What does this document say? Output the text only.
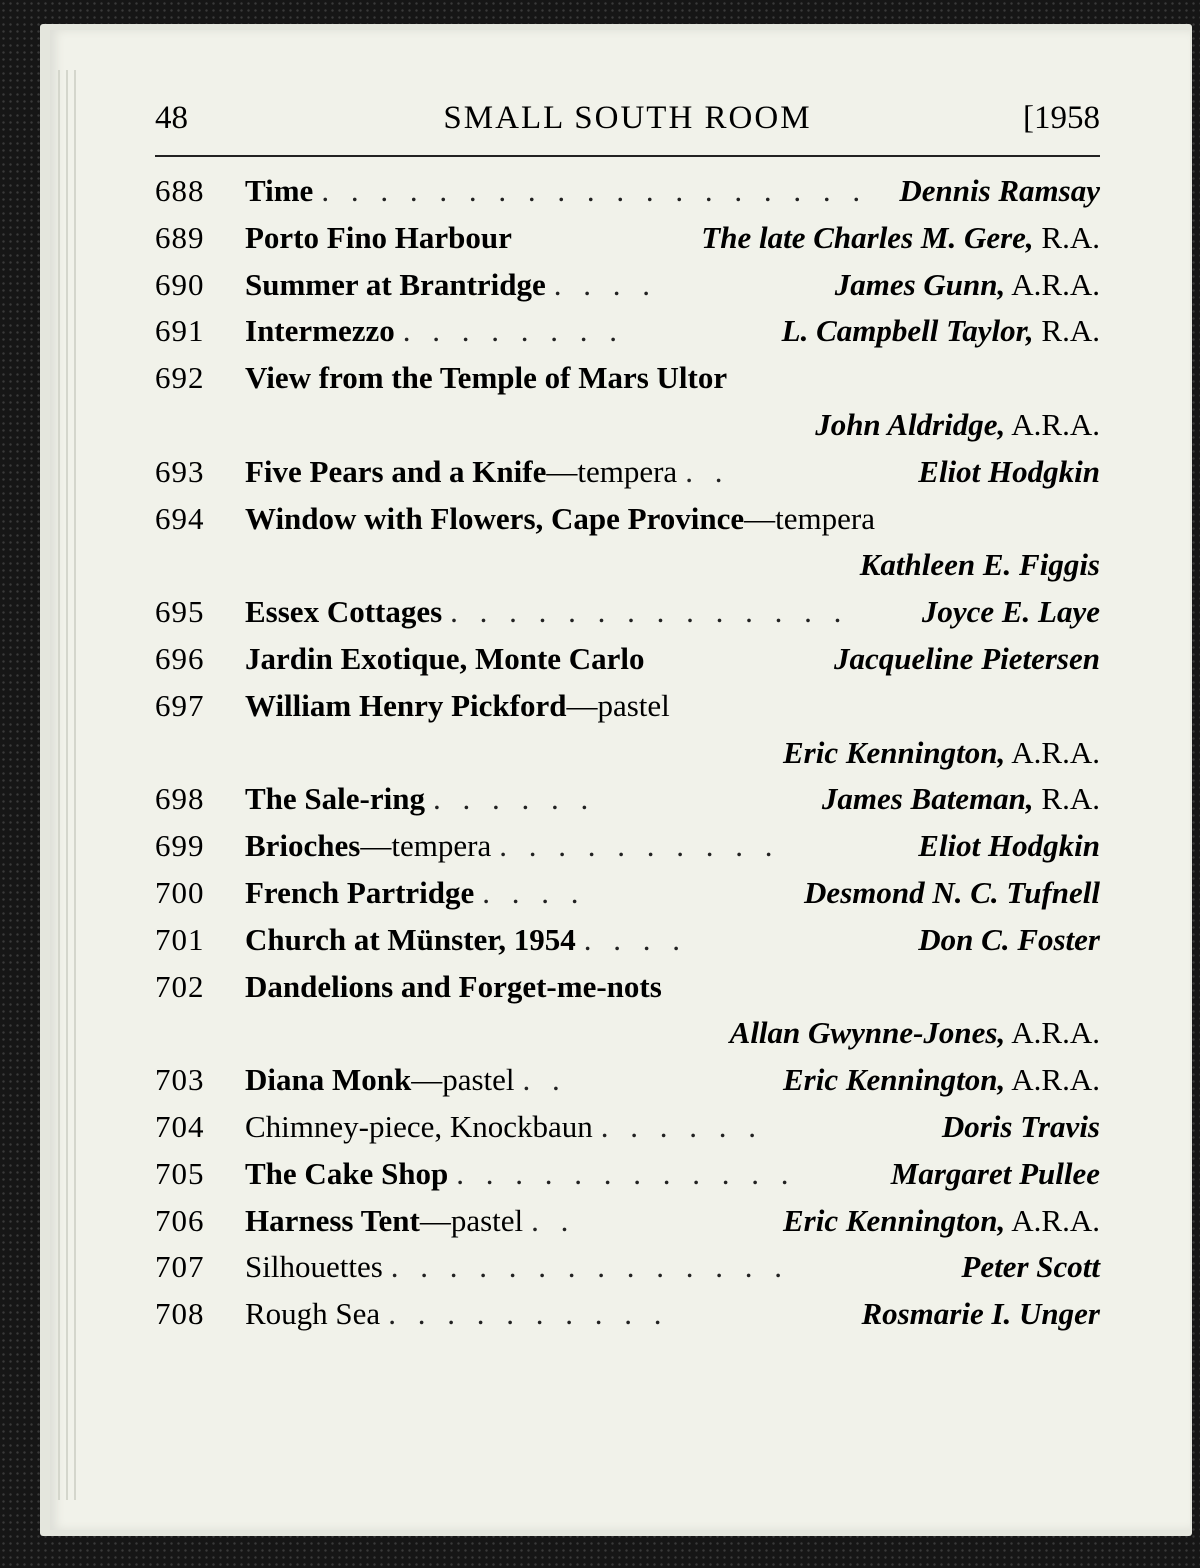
48	SMALL SOUTH ROOM	[1958
688	Time . . . . . . . . . . . . . . . . . . .	Dennis Ramsay
689	Porto Fino Harbour	The late Charles M. Gere, R.A.
690	Summer at Brantridge . . . .	James Gunn, A.R.A.
691	Intermezzo . . . . . . . .	L. Campbell Taylor, R.A.
692	View from the Temple of Mars Ultor
John Aldridge, A.R.A.
693	Five Pears and a Knife—tempera . .	Eliot Hodgkin
694	Window with Flowers, Cape Province—tempera
Kathleen E. Figgis
695	Essex Cottages . . . . . . . . . . . . . .	Joyce E. Laye
696	Jardin Exotique, Monte Carlo	Jacqueline Pietersen
697	William Henry Pickford—pastel
Eric Kennington, A.R.A.
698	The Sale-ring . . . . . .	James Bateman, R.A.
699	Brioches—tempera . . . . . . . . . .	Eliot Hodgkin
700	French Partridge . . . .	Desmond N. C. Tufnell
701	Church at Münster, 1954 . . . .	Don C. Foster
702	Dandelions and Forget-me-nots
Allan Gwynne-Jones, A.R.A.
703	Diana Monk—pastel . .	Eric Kennington, A.R.A.
704	Chimney-piece, Knockbaun . . . . . .	Doris Travis
705	The Cake Shop . . . . . . . . . . . .	Margaret Pullee
706	Harness Tent—pastel . .	Eric Kennington, A.R.A.
707	Silhouettes . . . . . . . . . . . . . .	Peter Scott
708	Rough Sea . . . . . . . . . .	Rosmarie I. Unger
